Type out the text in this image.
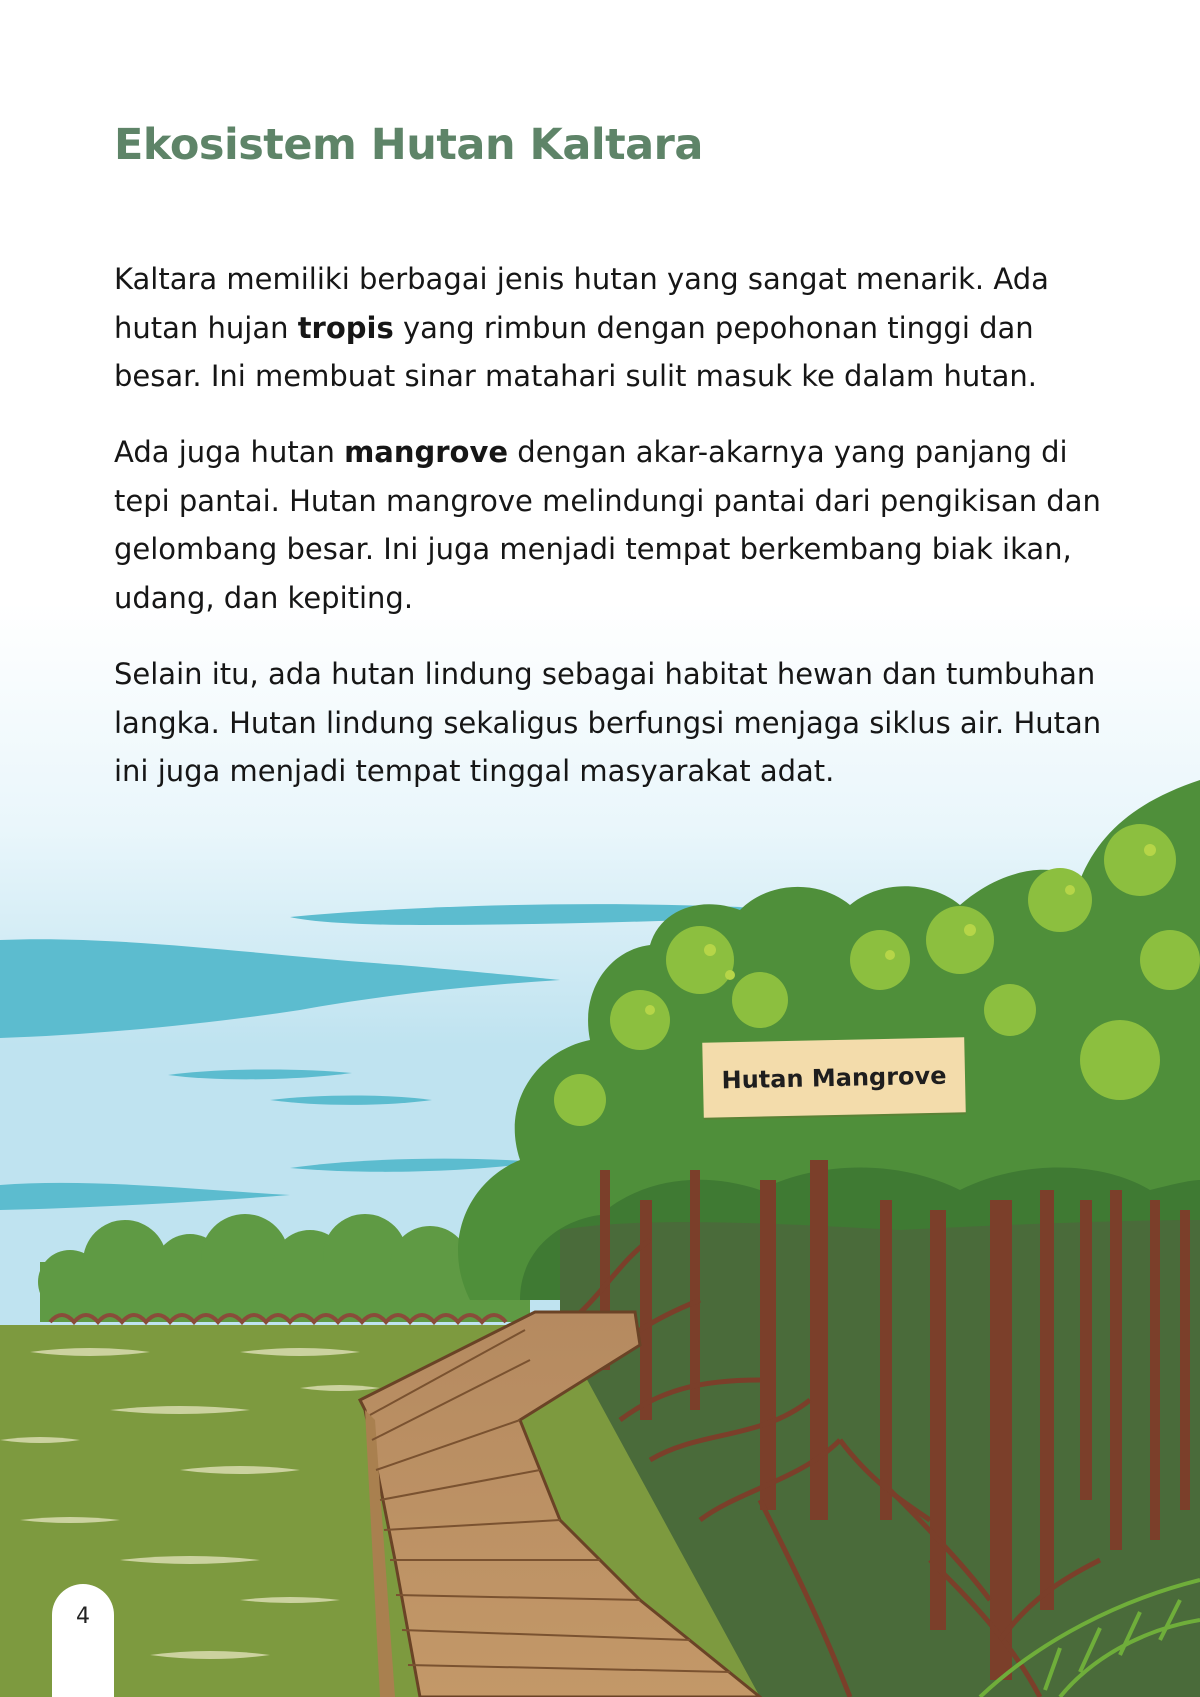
Ekosistem Hutan Kaltara

Kaltara memiliki berbagai jenis hutan yang sangat menarik. Ada hutan hujan tropis yang rimbun dengan pepohonan tinggi dan besar. Ini membuat sinar matahari sulit masuk ke dalam hutan.

Ada juga hutan mangrove dengan akar-akarnya yang panjang di tepi pantai. Hutan mangrove melindungi pantai dari pengikisan dan gelombang besar. Ini juga menjadi tempat berkembang biak ikan, udang, dan kepiting.

Selain itu, ada hutan lindung sebagai habitat hewan dan tumbuhan langka. Hutan lindung sekaligus berfungsi menjaga siklus air. Hutan ini juga menjadi tempat tinggal masyarakat adat.

Hutan Mangrove
4
